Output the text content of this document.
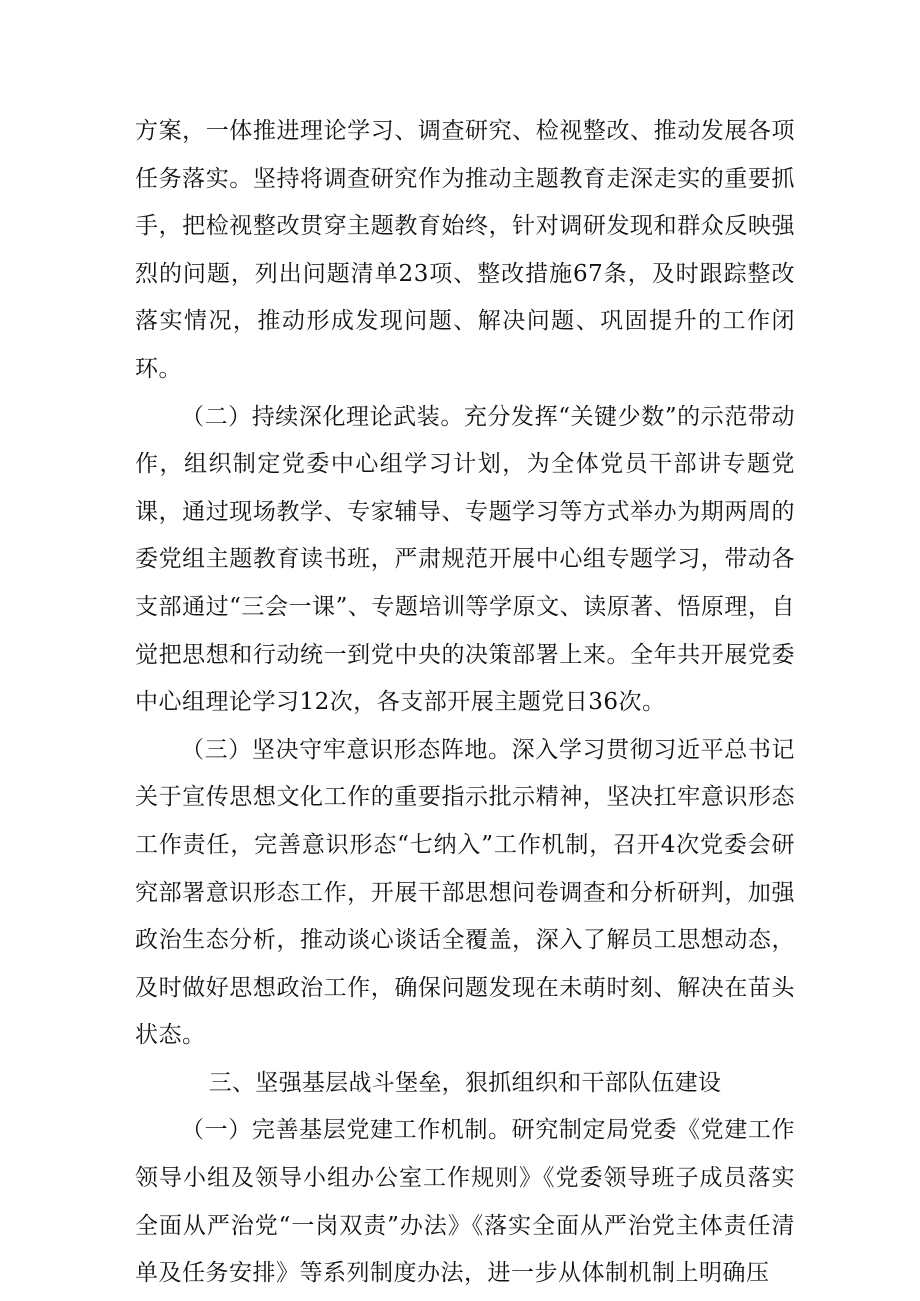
方案，一体推进理论学习、调查研究、检视整改、推动发展各项任务落实。坚持将调查研究作为推动主题教育走深走实的重要抓手，把检视整改贯穿主题教育始终，针对调研发现和群众反映强烈的问题，列出问题清单23项、整改措施67条，及时跟踪整改落实情况，推动形成发现问题、解决问题、巩固提升的工作闭环。

（二）持续深化理论武装。充分发挥“关键少数”的示范带动作，组织制定党委中心组学习计划，为全体党员干部讲专题党课，通过现场教学、专家辅导、专题学习等方式举办为期两周的委党组主题教育读书班，严肃规范开展中心组专题学习，带动各支部通过“三会一课”、专题培训等学原文、读原著、悟原理，自觉把思想和行动统一到党中央的决策部署上来。全年共开展党委中心组理论学习12次，各支部开展主题党日36次。

（三）坚决守牢意识形态阵地。深入学习贯彻习近平总书记关于宣传思想文化工作的重要指示批示精神，坚决扛牢意识形态工作责任，完善意识形态“七纳入”工作机制，召开4次党委会研究部署意识形态工作，开展干部思想问卷调查和分析研判，加强政治生态分析，推动谈心谈话全覆盖，深入了解员工思想动态，及时做好思想政治工作，确保问题发现在未萌时刻、解决在苗头状态。

三、坚强基层战斗堡垒，狠抓组织和干部队伍建设

（一）完善基层党建工作机制。研究制定局党委《党建工作领导小组及领导小组办公室工作规则》《党委领导班子成员落实全面从严治党“一岗双责”办法》《落实全面从严治党主体责任清单及任务安排》等系列制度办法，进一步从体制机制上明确压
